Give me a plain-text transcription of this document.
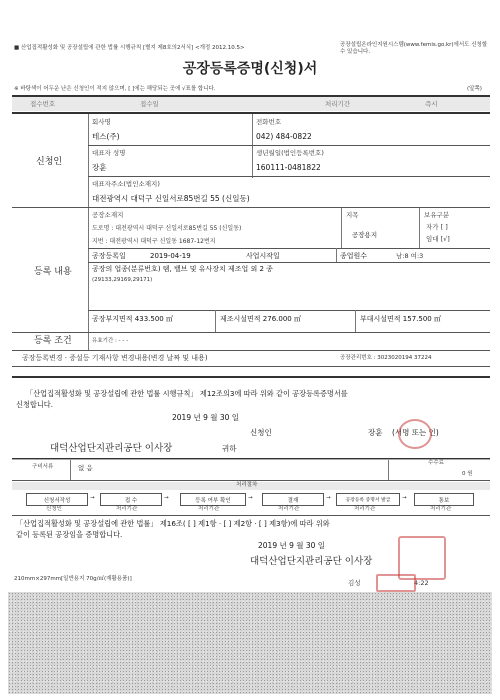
■ 산업집적활성화 및 공장설립에 관한 법률 시행규칙 [별지 제8호의2서식] <개정 2012.10.5>	공장설립온라인지원시스템(www.femis.go.kr)에서도 신청할 수 있습니다.
공장등록증명(신청)서
※ 바탕색이 어두운 난은 신청인이 적지 않으며, [ ]에는 해당되는 곳에 √표를 합니다.	(앞쪽)
접수번호	접수일	처리기간	즉시
신청인
회사명
테스(주)
전화번호
042) 484-0822
대표자 성명
장훈
생년월일(법인등록번호)
160111-0481822
대표자주소(법인소재지)
대전광역시 대덕구 신일서로85번길 55 (신일동)
등록 내용
공장소재지
도로명 : 대전광역시 대덕구 신일서로85번길 55 (신일동)
지번 : 대전광역시 대덕구 신일동 1687-12번지
지목
공장용지
보유구분
자가 [ ]
임대 [√]
공장등록일	2019-04-19	사업시작일	종업원수	남:8 여:3
공장의 업종(분류번호) 탬, 밸브 및 유사장치 제조업 외 2 종
(29133,29169,29171)
공장부지면적 433.500 ㎡	제조시설면적 276.000 ㎡	부대시설면적 157.500 ㎡
등록 조건	유효기간 : - - -
공장등록변경 · 증설등 기재사항 변경내용(변경 날짜 및 내용)	공장관리번호 : 3023020194 37224
「산업집적활성화 및 공장설립에 관한 법률 시행규칙」 제12조의3에 따라 위와 같이 공장등록증명서를
신청합니다.
2019 년 9 월 30 일
신청인	장훈 (서명 또는 인)
대덕산업단지관리공단 이사장	귀하
구비서류	없 음
수수료
0 원
처리절차
신청서작성	→	접 수	→	등록 여부 확인	→	결재	→	공장등록 증명서 발급	→	통보
신청인	처리기관	처리기관	처리기관	처리기관	처리기관
「산업집적활성화 및 공장설립에 관한 법률」 제16조( [ ] 제1항 · [ ] 제2항 · [ ] 제3항)에 따라 위와
같이 등록된 공장임을 증명합니다.
2019 년 9 월 30 일
대덕산업단지관리공단 이사장
210mm×297mm[일반용지 70g/㎡(재활용품)]	김성	4:22
